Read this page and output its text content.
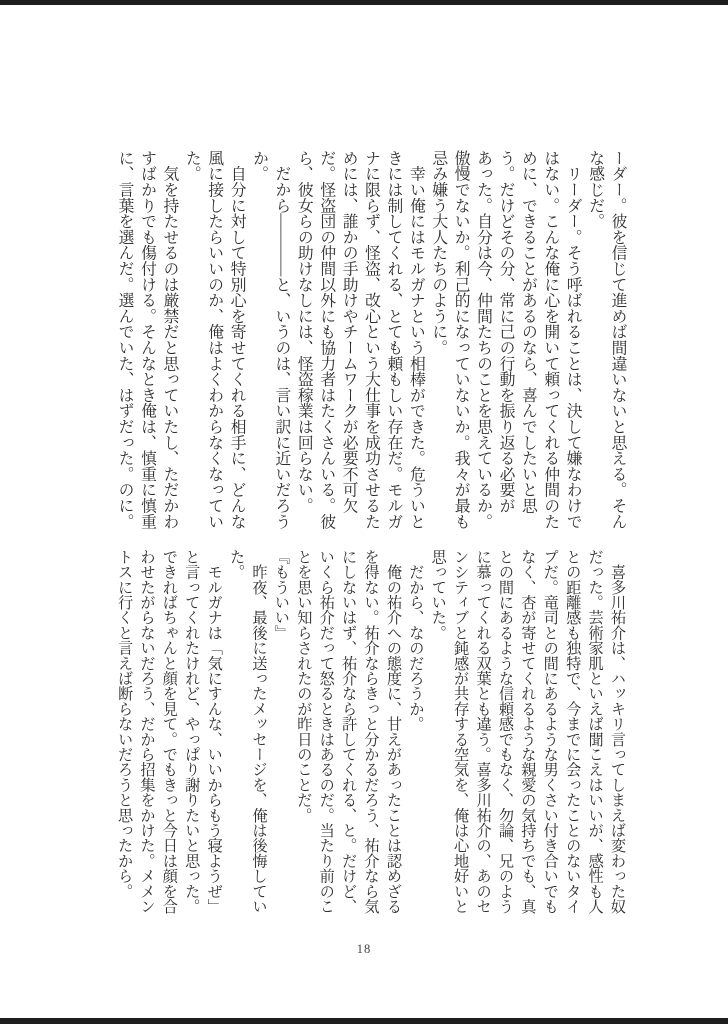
ーダー。彼を信じて進めば間違いないと思える。そんな感じだ。

　リーダー。そう呼ばれることは、決して嫌なわけではない。こんな俺に心を開いて頼ってくれる仲間のために、できることがあるのなら、喜んでしたいと思う。だけどその分、常に己の行動を振り返る必要があった。自分は今、仲間たちのことを思えているか。傲慢でないか。利己的になっていないか。我々が最も忌み嫌う大人たちのように。

　幸い俺にはモルガナという相棒ができた。危ういときには制してくれる、とても頼もしい存在だ。モルガナに限らず、怪盗、改心という大仕事を成功させるためには、誰かの手助けやチームワークが必要不可欠だ。怪盗団の仲間以外にも協力者はたくさんいる。彼ら、彼女らの助けなしには、怪盗稼業は回らない。

　だから――――と、いうのは、言い訳に近いだろうか。

　自分に対して特別心を寄せてくれる相手に、どんな風に接したらいいのか、俺はよくわからなくなっていた。

　気を持たせるのは厳禁だと思っていたし、ただかわすばかりでも傷付ける。そんなとき俺は、慎重に慎重に、言葉を選んだ。選んでいた、はずだった。のに。

　喜多川祐介は、ハッキリ言ってしまえば変わった奴だった。芸術家肌といえば聞こえはいいが、感性も人との距離感も独特で、今までに会ったことのないタイプだ。竜司との間にあるような男くさい付き合いでもなく、杏が寄せてくれるような親愛の気持ちでも、真との間にあるような信頼感でもなく、勿論、兄のように慕ってくれる双葉とも違う。喜多川祐介の、あのセンシティブと鈍感が共存する空気を、俺は心地好いと思っていた。

　だから、なのだろうか。

　俺の祐介への態度に、甘えがあったことは認めざるを得ない。祐介ならきっと分かるだろう、祐介なら気にしないはず、祐介なら許してくれる、と。だけど、いくら祐介だって怒るときはあるのだ。当たり前のことを思い知らされたのが昨日のことだ。

『もういい』

　昨夜、最後に送ったメッセージを、俺は後悔していた。

　モルガナは「気にすんな、いいからもう寝ようぜ」と言ってくれたけれど、やっぱり謝りたいと思った。できればちゃんと顔を見て。でもきっと今日は顔を合わせたがらないだろう、だから招集をかけた。メメントスに行くと言えば断らないだろうと思ったから。

18
